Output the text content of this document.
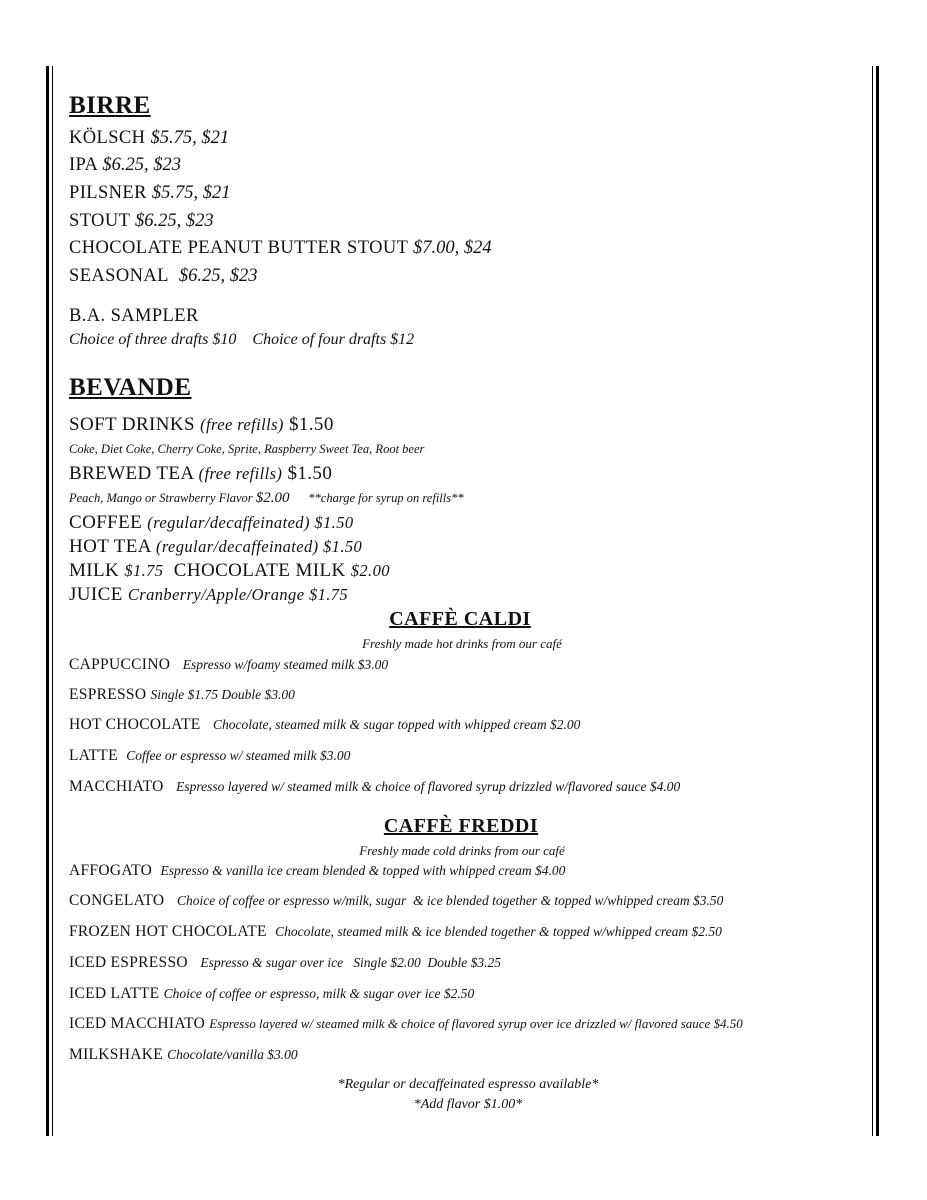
BIRRE
KÖLSCH $5.75, $21
IPA $6.25, $23
PILSNER $5.75, $21
STOUT $6.25, $23
CHOCOLATE PEANUT BUTTER STOUT $7.00, $24
SEASONAL $6.25, $23
B.A. SAMPLER
Choice of three drafts $10    Choice of four drafts $12
BEVANDE
SOFT DRINKS (free refills) $1.50
Coke, Diet Coke, Cherry Coke, Sprite, Raspberry Sweet Tea, Root beer
BREWED TEA (free refills) $1.50
Peach, Mango or Strawberry Flavor $2.00 **charge for syrup on refills**
COFFEE (regular/decaffeinated) $1.50
HOT TEA (regular/decaffeinated) $1.50
MILK $1.75 CHOCOLATE MILK $2.00
JUICE Cranberry/Apple/Orange $1.75
CAFFÈ CALDI
Freshly made hot drinks from our café
CAPPUCCINO Espresso w/foamy steamed milk $3.00
ESPRESSO Single $1.75 Double $3.00
HOT CHOCOLATE Chocolate, steamed milk & sugar topped with whipped cream $2.00
LATTE Coffee or espresso w/ steamed milk $3.00
MACCHIATO Espresso layered w/ steamed milk & choice of flavored syrup drizzled w/flavored sauce $4.00
CAFFÈ FREDDI
Freshly made cold drinks from our café
AFFOGATO Espresso & vanilla ice cream blended & topped with whipped cream $4.00
CONGELATO Choice of coffee or espresso w/milk, sugar  & ice blended together & topped w/whipped cream $3.50
FROZEN HOT CHOCOLATE Chocolate, steamed milk & ice blended together & topped w/whipped cream $2.50
ICED ESPRESSO Espresso & sugar over ice   Single $2.00  Double $3.25
ICED LATTE Choice of coffee or espresso, milk & sugar over ice $2.50
ICED MACCHIATO Espresso layered w/ steamed milk & choice of flavored syrup over ice drizzled w/ flavored sauce $4.50
MILKSHAKE Chocolate/vanilla $3.00
*Regular or decaffeinated espresso available*
*Add flavor $1.00*
